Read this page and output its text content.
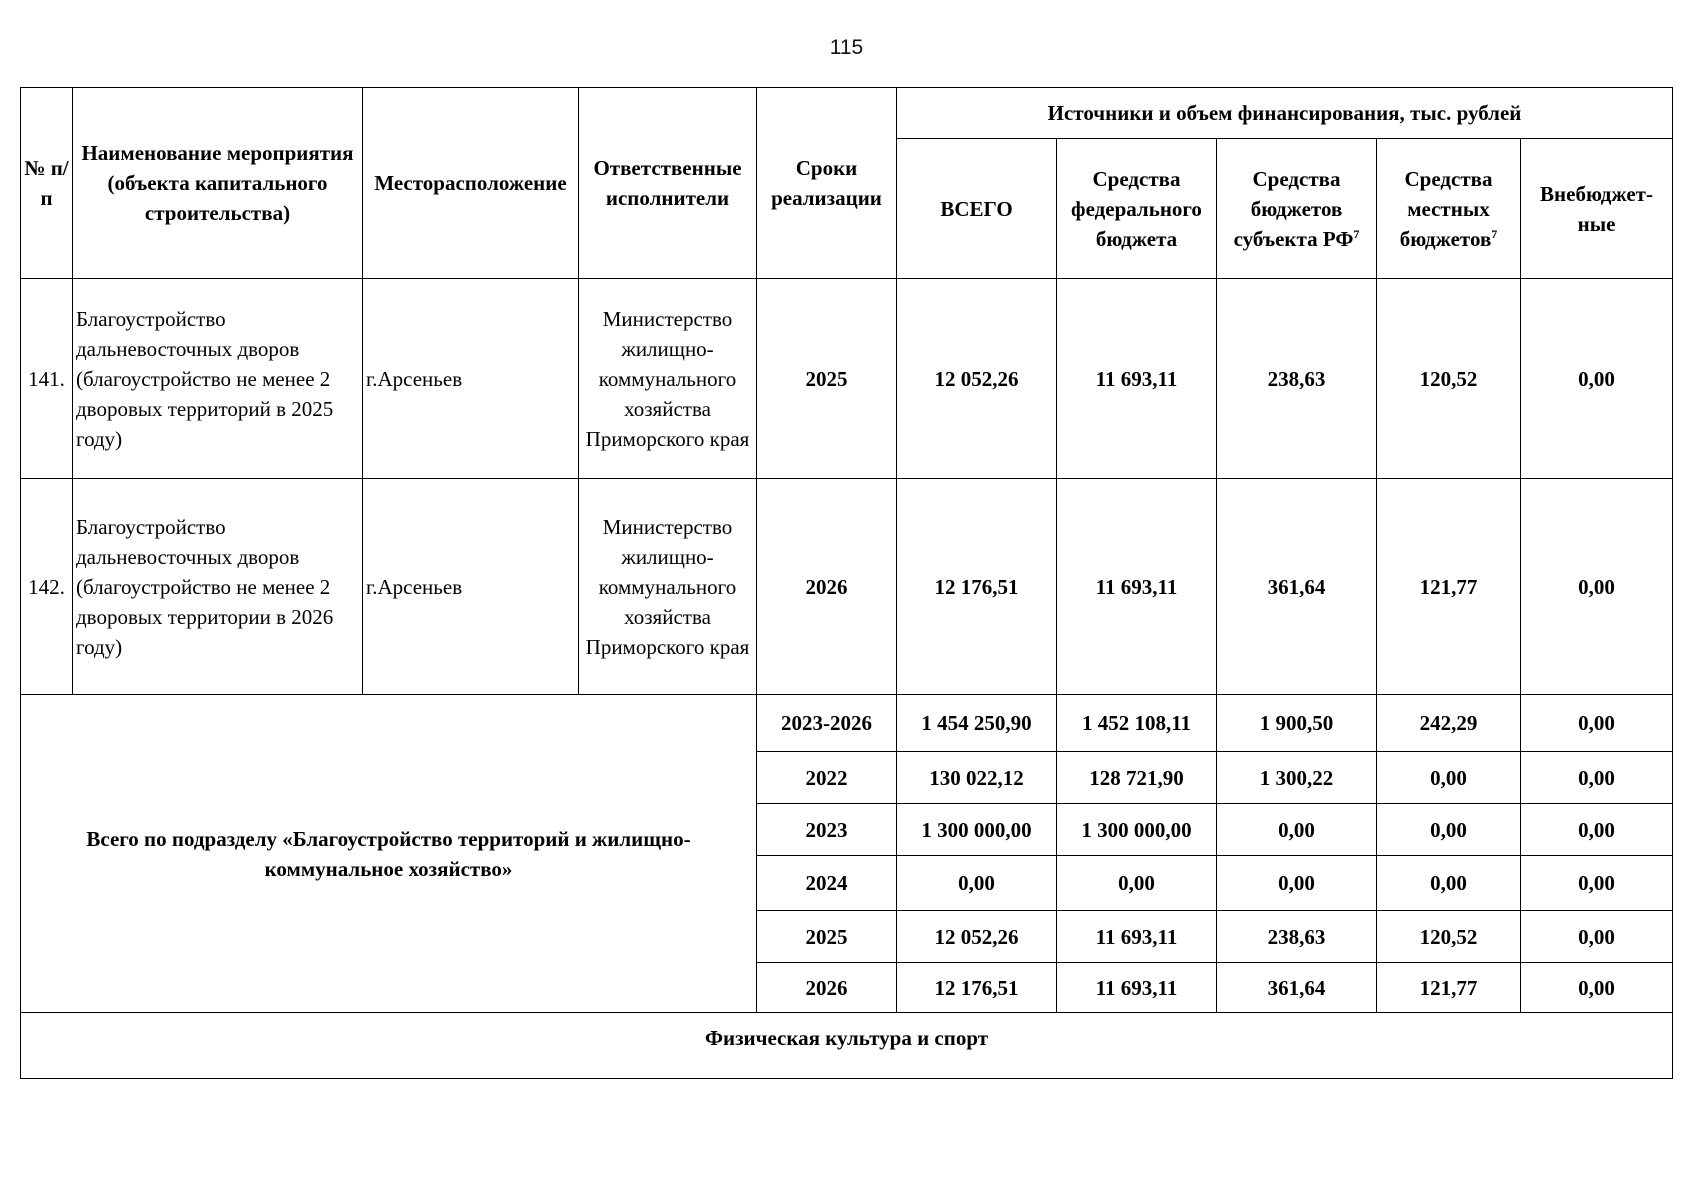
115
№ п/п	Наименование мероприятия (объекта капитального строительства)	Месторасположение	Ответственные исполнители	Сроки реализации	Источники и объем финансирования, тыс. рублей				
					ВСЕГО	Средства федерального бюджета	Средства бюджетов субъекта $РФ^7$	Средства местных бюджетов$^7$	Внебюджет-ные
141.	Благоустройство дальневосточных дворов (благоустройство не менее 2 дворовых территорий в 2025 году)	г.Арсеньев	Министерство жилищно-коммунального хозяйства Приморского края	2025	12 052,26	11 693,11	238,63	120,52	0,00
142.	Благоустройство дальневосточных дворов (благоустройство не менее 2 дворовых территории в 2026 году)	г.Арсеньев	Министерство жилищно-коммунального хозяйства Приморского края	2026	12 176,51	11 693,11	361,64	121,77	0,00
Всего по подразделу «Благоустройство территорий и жилищно-коммунальное хозяйство»				2023-2026	1 454 250,90	1 452 108,11	1 900,50	242,29	0,00
				2022	130 022,12	128 721,90	1 300,22	0,00	0,00
				2023	1 300 000,00	1 300 000,00	0,00	0,00	0,00
				2024	0,00	0,00	0,00	0,00	0,00
				2025	12 052,26	11 693,11	238,63	120,52	0,00
				2026	12 176,51	11 693,11	361,64	121,77	0,00
Физическая культура и спорт									
